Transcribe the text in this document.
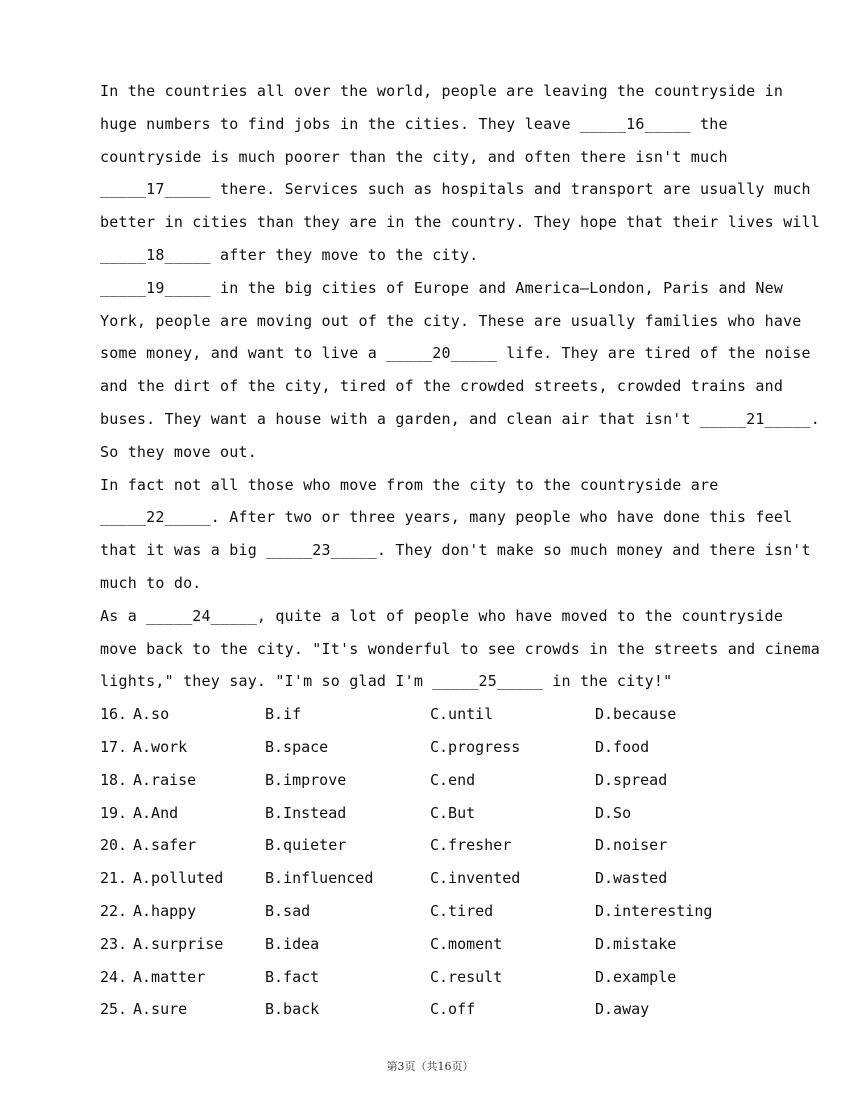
In the countries all over the world, people are leaving the countryside in
huge numbers to find jobs in the cities. They leave _____16_____ the
countryside is much poorer than the city, and often there isn't much
_____17_____ there. Services such as hospitals and transport are usually much
better in cities than they are in the country. They hope that their lives will
_____18_____ after they move to the city.
_____19_____ in the big cities of Europe and America—London, Paris and New
York, people are moving out of the city. These are usually families who have
some money, and want to live a _____20_____ life. They are tired of the noise
and the dirt of the city, tired of the crowded streets, crowded trains and
buses. They want a house with a garden, and clean air that isn't _____21_____.
So they move out.
In fact not all those who move from the city to the countryside are
_____22_____. After two or three years, many people who have done this feel
that it was a big _____23_____. They don't make so much money and there isn't
much to do.
As a _____24_____, quite a lot of people who have moved to the countryside
move back to the city. "It's wonderful to see crowds in the streets and cinema
lights," they say. "I'm so glad I'm _____25_____ in the city!"
16. A.so	B.if	C.until	D.because
17. A.work	B.space	C.progress	D.food
18. A.raise	B.improve	C.end	D.spread
19. A.And	B.Instead	C.But	D.So
20. A.safer	B.quieter	C.fresher	D.noiser
21. A.polluted	B.influenced	C.invented	D.wasted
22. A.happy	B.sad	C.tired	D.interesting
23. A.surprise	B.idea	C.moment	D.mistake
24. A.matter	B.fact	C.result	D.example
25. A.sure	B.back	C.off	D.away
第3页（共16页）
